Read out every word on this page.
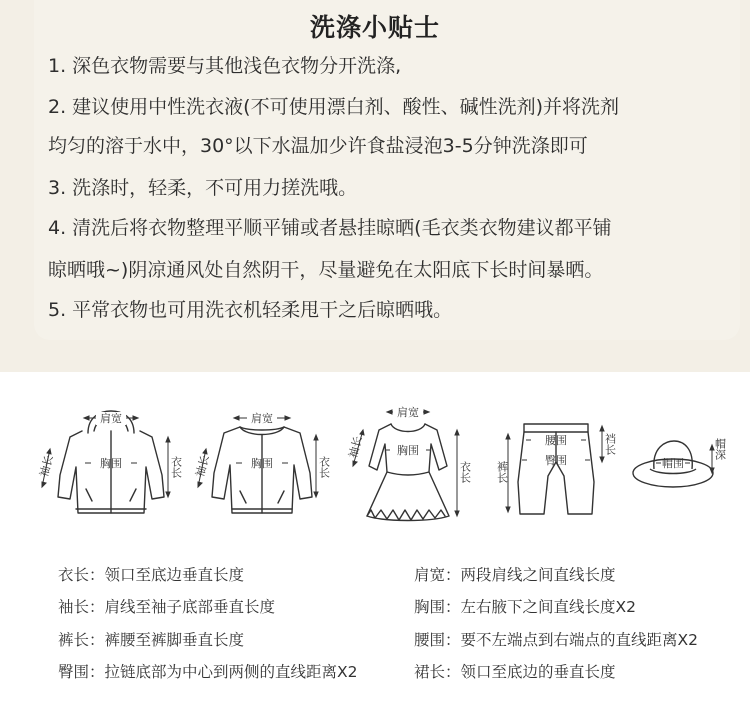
洗涤小贴士
1. 深色衣物需要与其他浅色衣物分开洗涤,
2. 建议使用中性洗衣液(不可使用漂白剂、酸性、碱性洗剂)并将洗剂
均匀的溶于水中，30°以下水温加少许食盐浸泡3-5分钟洗涤即可
3. 洗涤时，轻柔，不可用力搓洗哦。
4. 清洗后将衣物整理平顺平铺或者悬挂晾晒(毛衣类衣物建议都平铺
晾晒哦~)阴凉通风处自然阴干，尽量避免在太阳底下长时间暴晒。
5. 平常衣物也可用洗衣机轻柔甩干之后晾晒哦。
肩宽
胸围	衣长
袖长
肩宽
胸围	衣长
袖长
肩宽
胸围
衣长
袖长	腰围
臀围
裆长
裤长	帽围
帽深
衣长：领口至底边垂直长度
袖长：肩线至袖子底部垂直长度
裤长：裤腰至裤脚垂直长度
臀围：拉链底部为中心到两侧的直线距离X2
肩宽：两段肩线之间直线长度
胸围：左右腋下之间直线长度X2
腰围：要不左端点到右端点的直线距离X2
裙长：领口至底边的垂直长度
